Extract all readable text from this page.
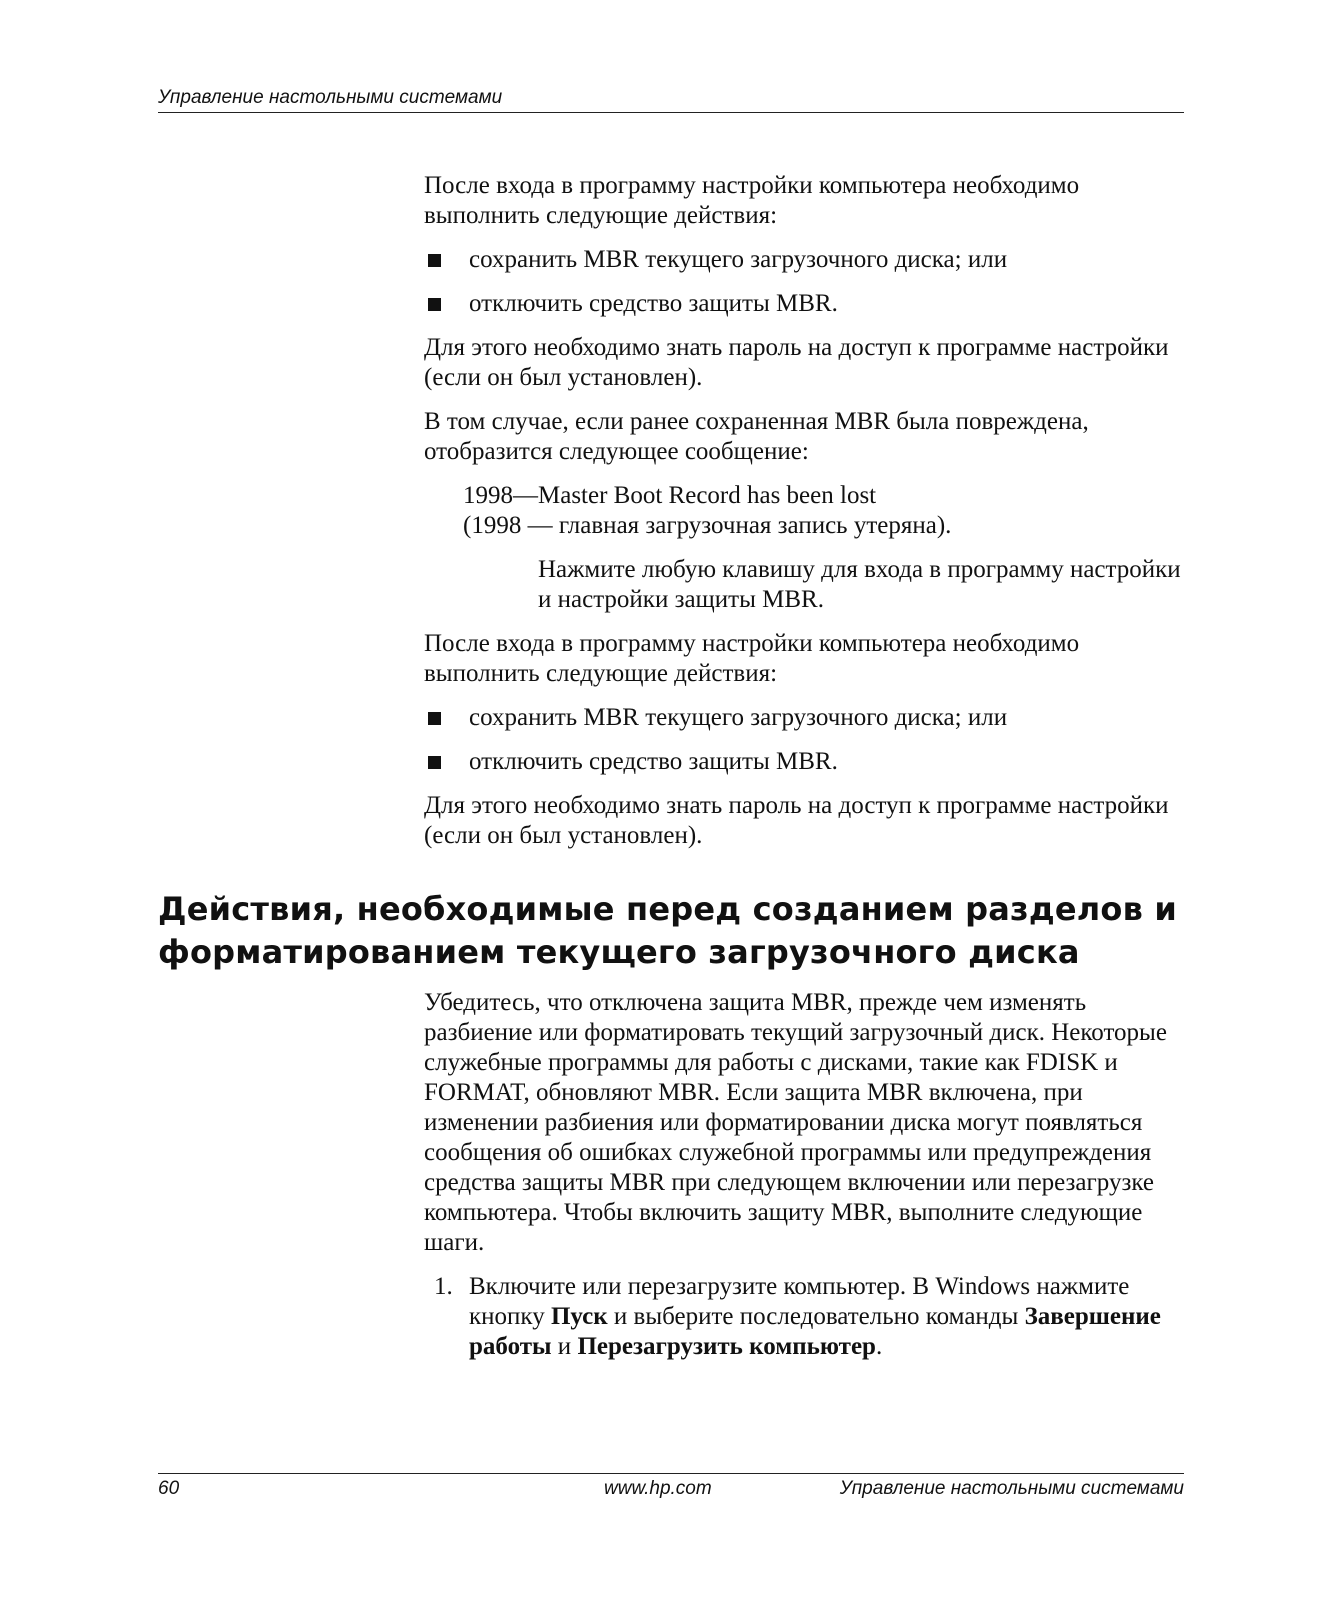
Управление настольными системами

После входа в программу настройки компьютера необходимо выполнить следующие действия:

сохранить MBR текущего загрузочного диска; или
отключить средство защиты MBR.

Для этого необходимо знать пароль на доступ к программе настройки (если он был установлен).

В том случае, если ранее сохраненная MBR была повреждена, отобразится следующее сообщение:

1998—Master Boot Record has been lost
(1998 — главная загрузочная запись утеряна).

Нажмите любую клавишу для входа в программу настройки и настройки защиты MBR.

После входа в программу настройки компьютера необходимо выполнить следующие действия:

сохранить MBR текущего загрузочного диска; или
отключить средство защиты MBR.

Для этого необходимо знать пароль на доступ к программе настройки (если он был установлен).

Действия, необходимые перед созданием разделов и форматированием текущего загрузочного диска

Убедитесь, что отключена защита MBR, прежде чем изменять разбиение или форматировать текущий загрузочный диск. Некоторые служебные программы для работы с дисками, такие как FDISK и FORMAT, обновляют MBR. Если защита MBR включена, при изменении разбиения или форматировании диска могут появляться сообщения об ошибках служебной программы или предупреждения средства защиты MBR при следующем включении или перезагрузке компьютера. Чтобы включить защиту MBR, выполните следующие шаги.

1. Включите или перезагрузите компьютер. В Windows нажмите кнопку Пуск и выберите последовательно команды Завершение работы и Перезагрузить компьютер.
60	www.hp.com	Управление настольными системами
